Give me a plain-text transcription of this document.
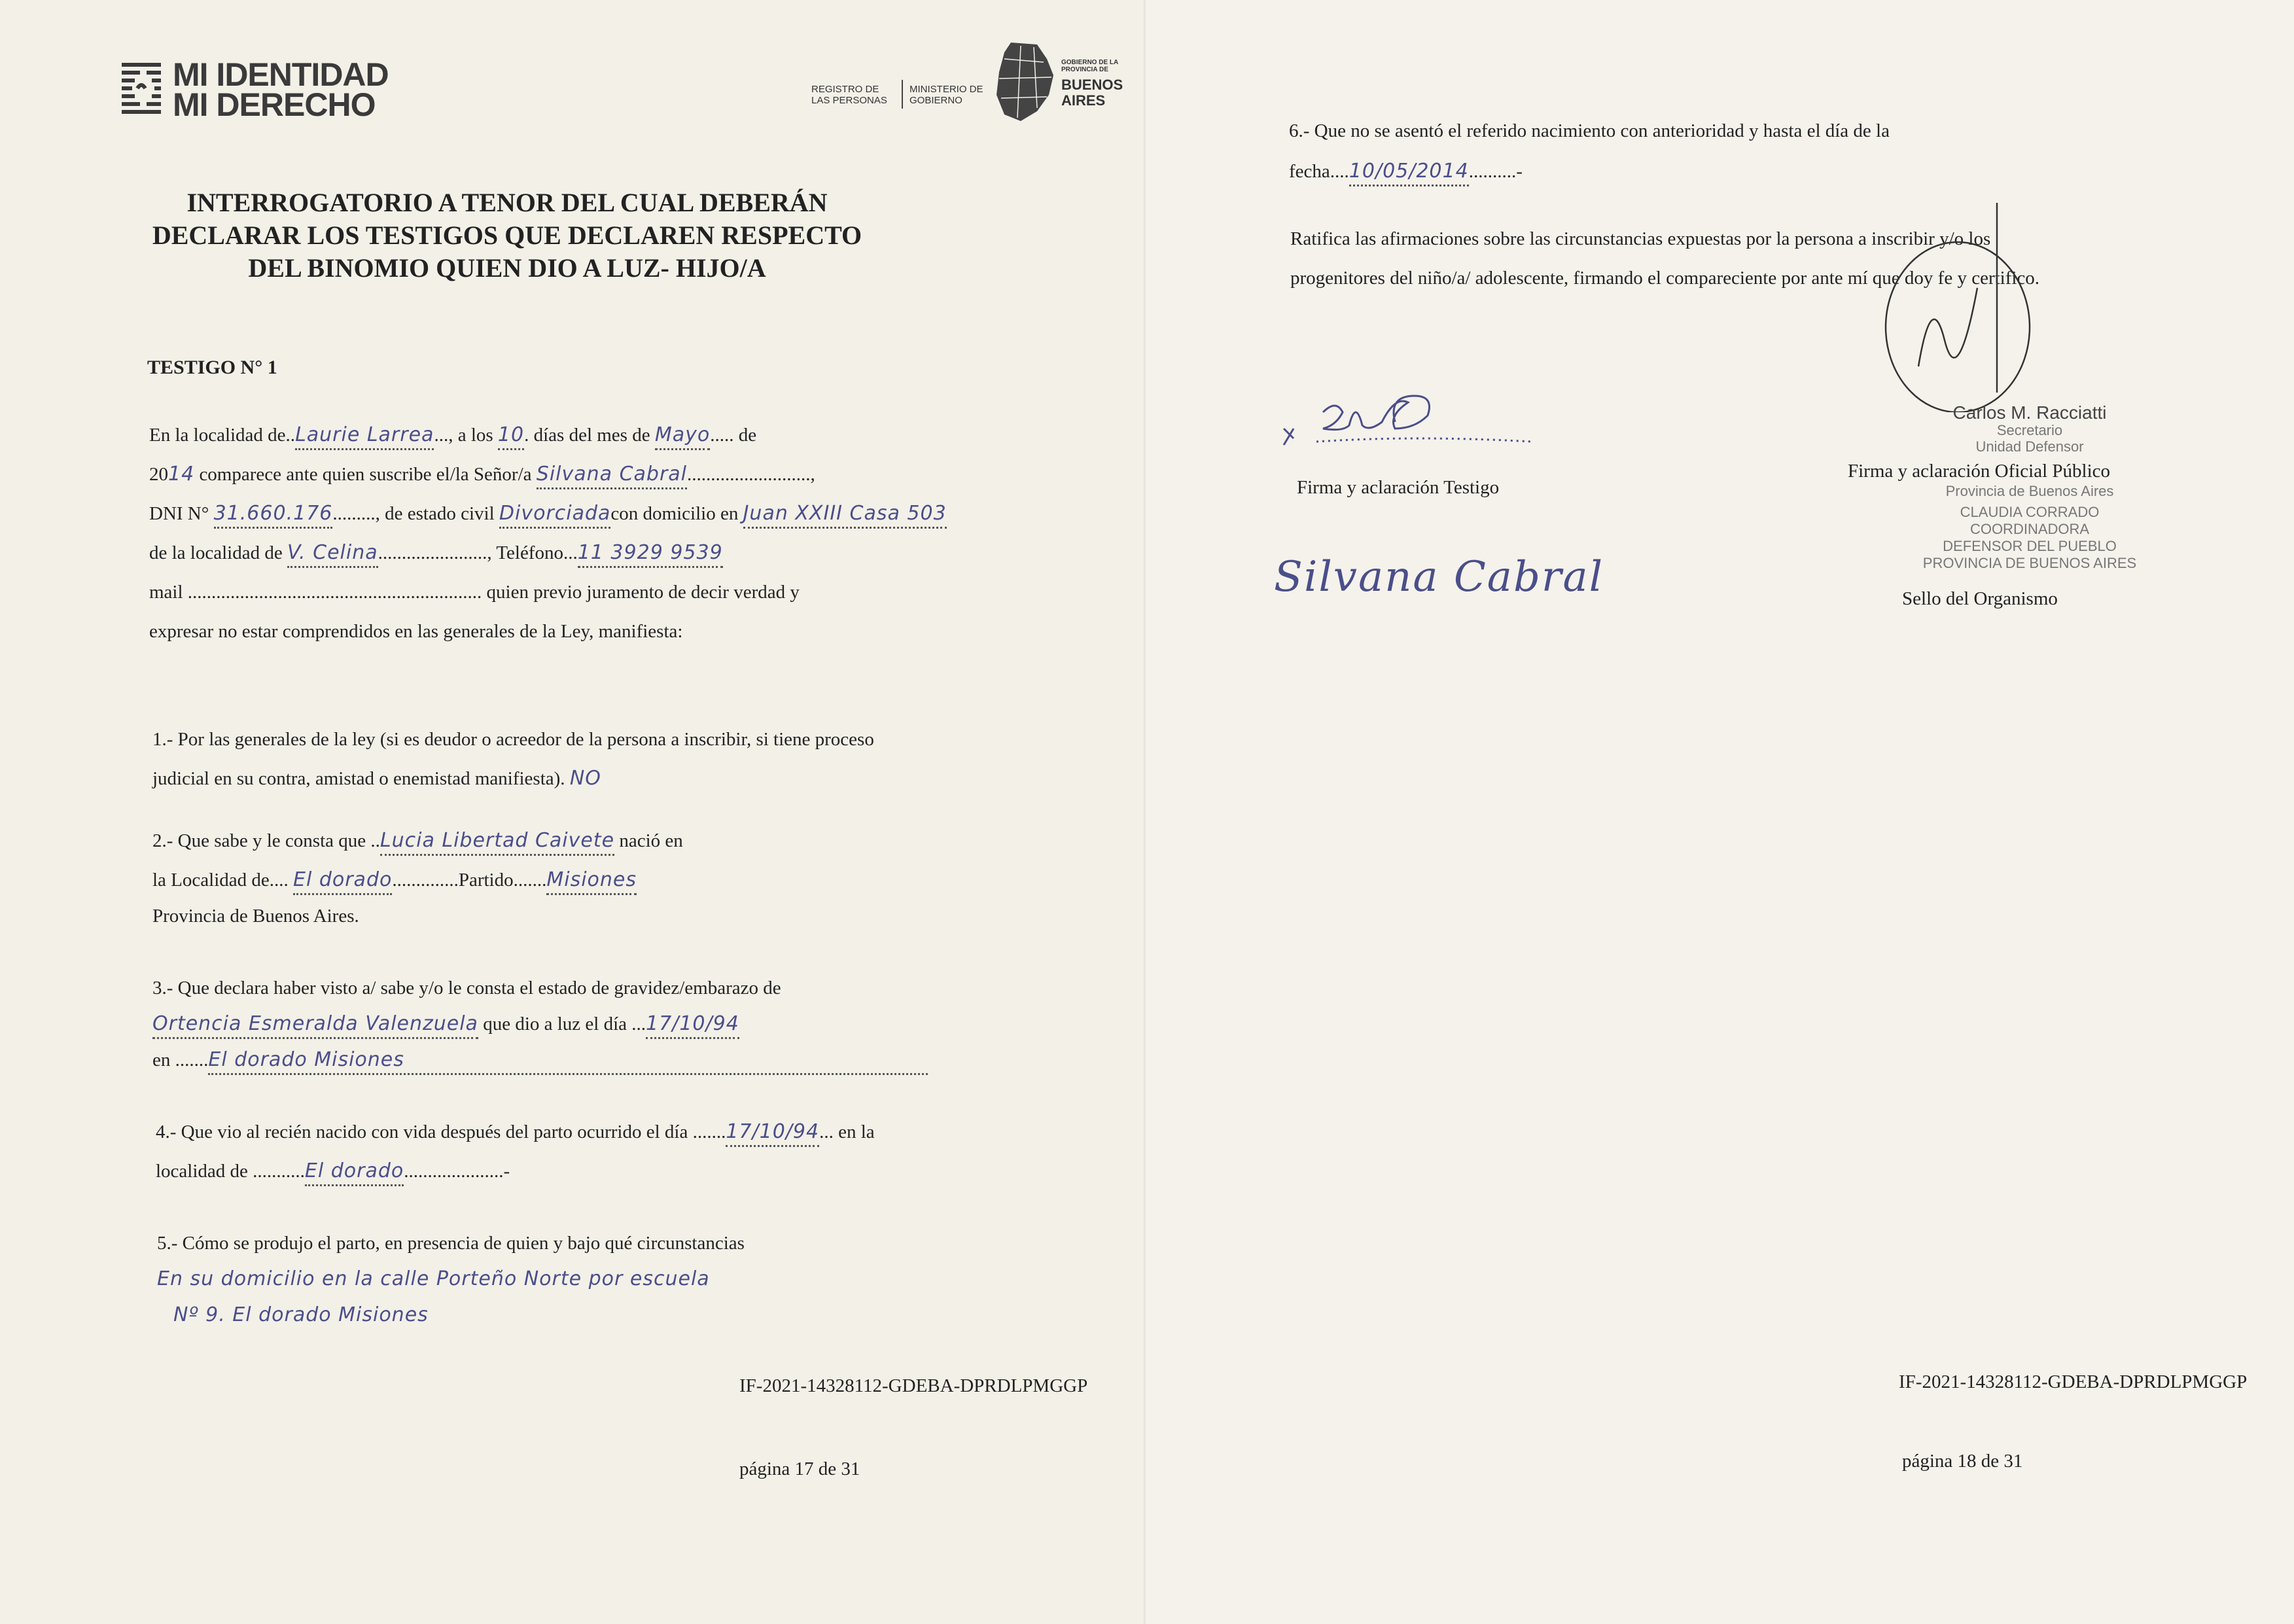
MI IDENTIDAD
MI DERECHO	REGISTRO DE LAS PERSONAS
MINISTERIO DE GOBIERNO
GOBIERNO DE LA PROVINCIA DE
BUENOS AIRES
INTERROGATORIO A TENOR DEL CUAL DEBERÁN DECLARAR LOS TESTIGOS QUE DECLAREN RESPECTO DEL BINOMIO QUIEN DIO A LUZ- HIJO/A
TESTIGO N° 1
En la localidad de..Laurie Larrea..., a los 10. días del mes de Mayo..... de
2014 comparece ante quien suscribe el/la Señor/a Silvana Cabral..........................,
DNI N° 31.660.176........., de estado civil Divorciadacon domicilio en Juan XXIII Casa 503
de la localidad de V. Celina......................., Teléfono...11 3929 9539
mail .............................................................. quien previo juramento de decir verdad y
expresar no estar comprendidos en las generales de la Ley, manifiesta:
1.- Por las generales de la ley (si es deudor o acreedor de la persona a inscribir, si tiene proceso
judicial en su contra, amistad o enemistad manifiesta). NO
2.- Que sabe y le consta que ..Lucia Libertad Caivete nació en
la Localidad de.... El dorado..............Partido.......Misiones
Provincia de Buenos Aires.
3.- Que declara haber visto a/ sabe y/o le consta el estado de gravidez/embarazo de
Ortencia Esmeralda Valenzuela que dio a luz el día ...17/10/94
en .......El dorado Misiones
4.- Que vio al recién nacido con vida después del parto ocurrido el día .......17/10/94... en la
localidad de ...........El dorado.....................-
5.- Cómo se produjo el parto, en presencia de quien y bajo qué circunstancias
En su domicilio en la calle Porteño Norte por escuela
Nº 9. El dorado Misiones
IF-2021-14328112-GDEBA-DPRDLPMGGP
página 17 de 31
6.- Que no se asentó el referido nacimiento con anterioridad y hasta el día de la
fecha....10/05/2014..........-
Ratifica las afirmaciones sobre las circunstancias expuestas por la persona a inscribir y/o los
progenitores del niño/a/ adolescente, firmando el compareciente por ante mí que doy fe y certifico.
Firma y aclaración Testigo
Silvana Cabral
Carlos M. Racciatti
Secretario
Unidad Defensor
Firma y aclaración Oficial Público
Provincia de Buenos Aires
CLAUDIA CORRADO
COORDINADORA
DEFENSOR DEL PUEBLO
PROVINCIA DE BUENOS AIRES
Sello del Organismo
IF-2021-14328112-GDEBA-DPRDLPMGGP
página 18 de 31
